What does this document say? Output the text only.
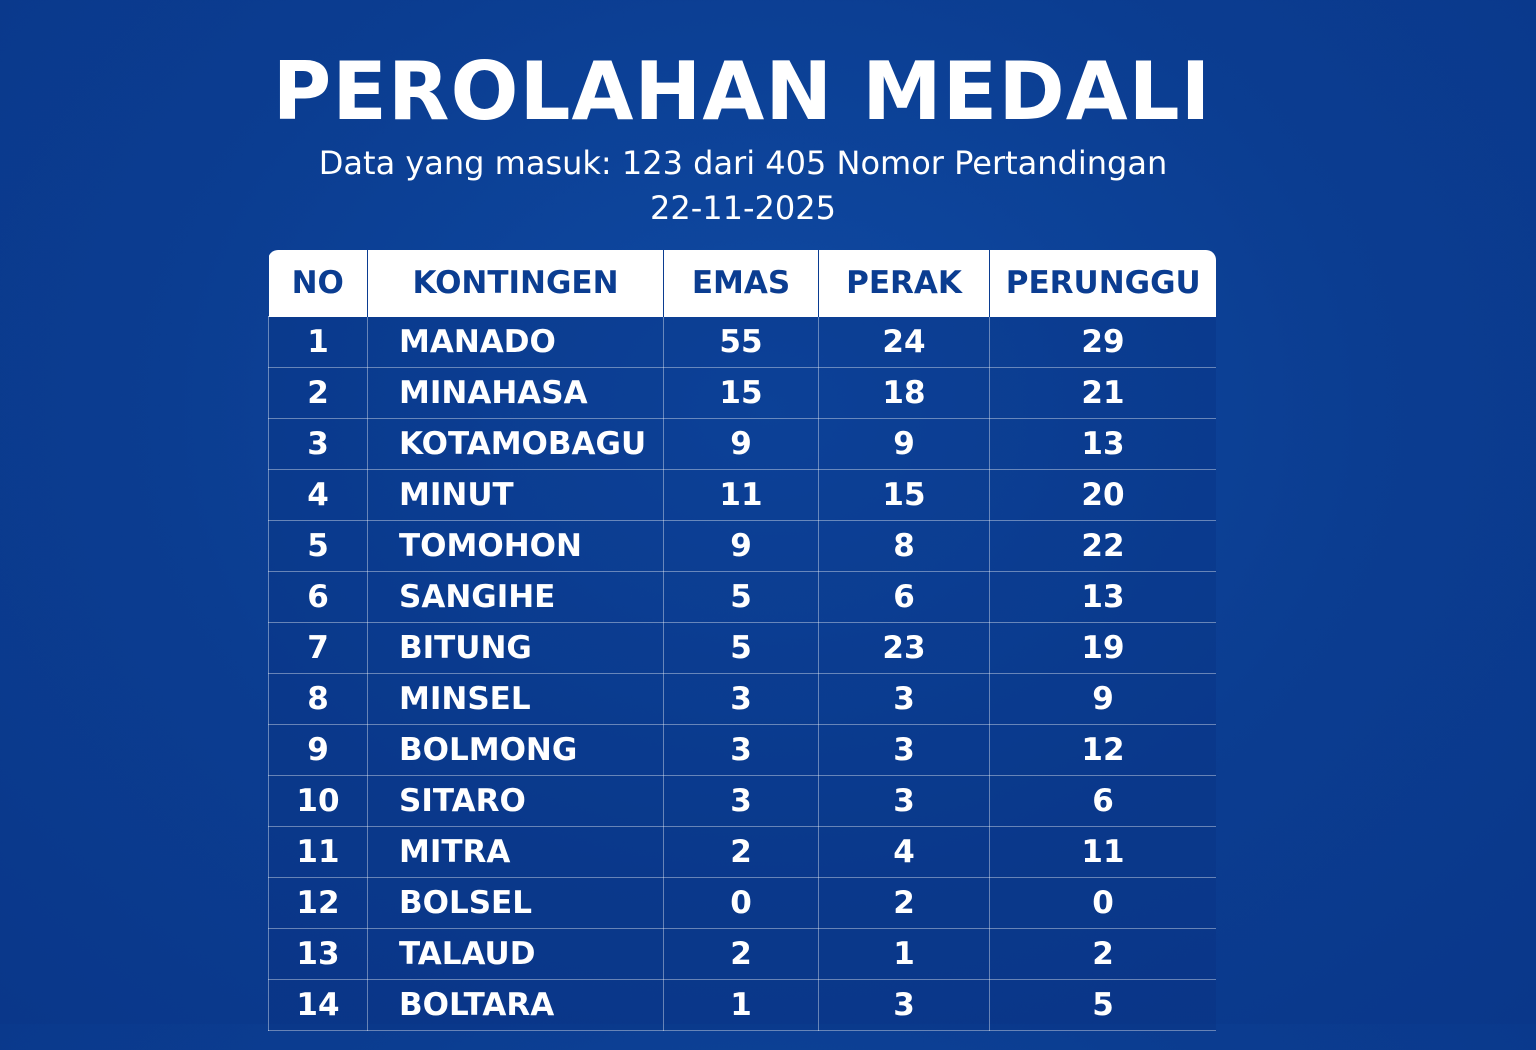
PEROLAHAN MEDALI
Data yang masuk: 123 dari 405 Nomor Pertandingan
22-11-2025
NO	KONTINGEN	EMAS	PERAK	PERUNGGU
1	MANADO	55	24	29
2	MINAHASA	15	18	21
3	KOTAMOBAGU	9	9	13
4	MINUT	11	15	20
5	TOMOHON	9	8	22
6	SANGIHE	5	6	13
7	BITUNG	5	23	19
8	MINSEL	3	3	9
9	BOLMONG	3	3	12
10	SITARO	3	3	6
11	MITRA	2	4	11
12	BOLSEL	0	2	0
13	TALAUD	2	1	2
14	BOLTARA	1	3	5
